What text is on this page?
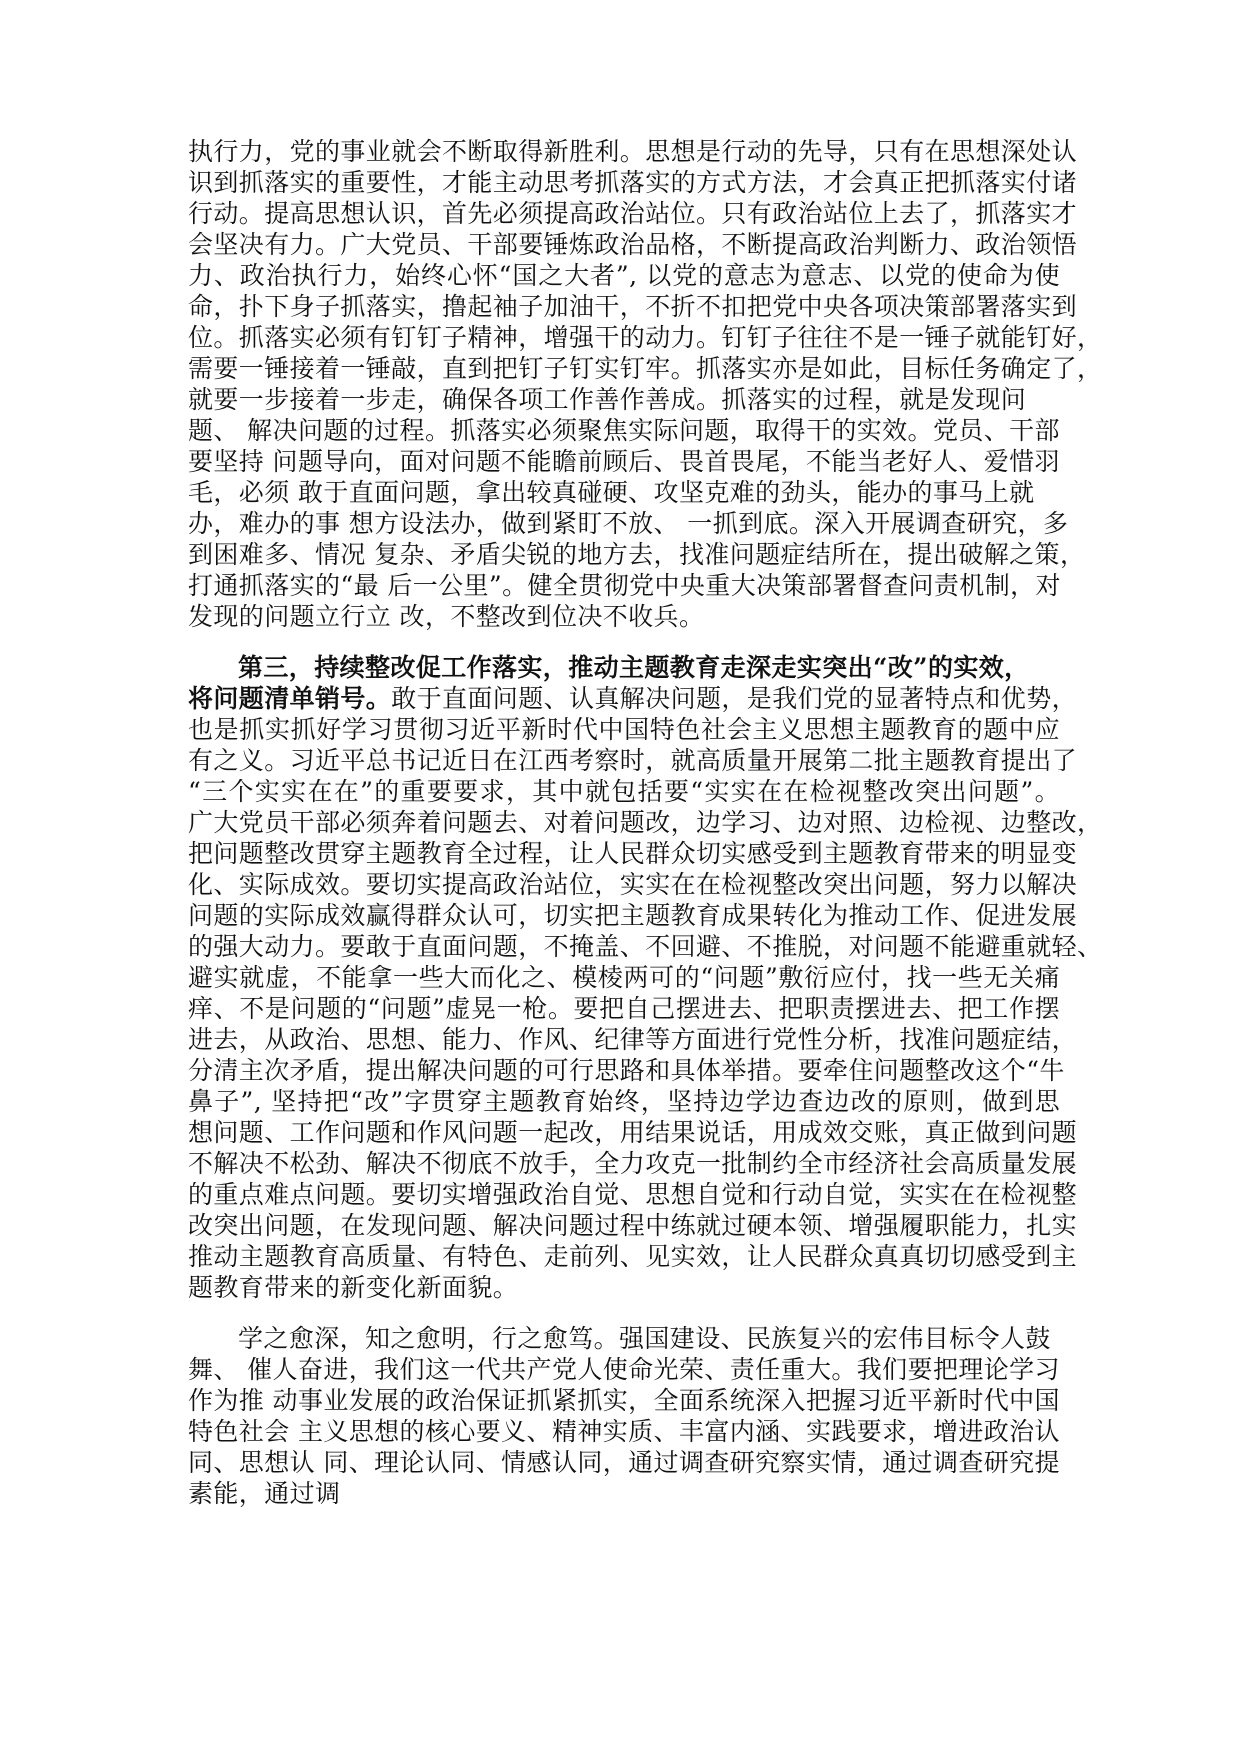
执行力，党的事业就会不断取得新胜利。思想是行动的先导，只有在思想深处认
识到抓落实的重要性，才能主动思考抓落实的方式方法，才会真正把抓落实付诸
行动。提高思想认识，首先必须提高政治站位。只有政治站位上去了，抓落实才
会坚决有力。广大党员、干部要锤炼政治品格，不断提高政治判断力、政治领悟
力、政治执行力，始终心怀“国之大者”, 以党的意志为意志、以党的使命为使
命，扑下身子抓落实，撸起袖子加油干，不折不扣把党中央各项决策部署落实到
位。抓落实必须有钉钉子精神，增强干的动力。钉钉子往往不是一锤子就能钉好，
需要一锤接着一锤敲，直到把钉子钉实钉牢。抓落实亦是如此，目标任务确定了，
就要一步接着一步走，确保各项工作善作善成。抓落实的过程，就是发现问
题、 解决问题的过程。抓落实必须聚焦实际问题，取得干的实效。党员、干部
要坚持 问题导向，面对问题不能瞻前顾后、畏首畏尾，不能当老好人、爱惜羽
毛，必须 敢于直面问题，拿出较真碰硬、攻坚克难的劲头，能办的事马上就
办，难办的事 想方设法办，做到紧盯不放、 一抓到底。深入开展调查研究，多
到困难多、情况 复杂、矛盾尖锐的地方去，找准问题症结所在，提出破解之策，
打通抓落实的“最 后一公里”。健全贯彻党中央重大决策部署督查问责机制，对
发现的问题立行立 改，不整改到位决不收兵。
第三，持续整改促工作落实，推动主题教育走深走实突出“改”的实效，
将问题清单销号。敢于直面问题、认真解决问题，是我们党的显著特点和优势，
也是抓实抓好学习贯彻习近平新时代中国特色社会主义思想主题教育的题中应
有之义。习近平总书记近日在江西考察时，就高质量开展第二批主题教育提出了
“三个实实在在”的重要要求，其中就包括要“实实在在检视整改突出问题”。
广大党员干部必须奔着问题去、对着问题改，边学习、边对照、边检视、边整改，
把问题整改贯穿主题教育全过程，让人民群众切实感受到主题教育带来的明显变
化、实际成效。要切实提高政治站位，实实在在检视整改突出问题，努力以解决
问题的实际成效赢得群众认可，切实把主题教育成果转化为推动工作、促进发展
的强大动力。要敢于直面问题，不掩盖、不回避、不推脱，对问题不能避重就轻、
避实就虚，不能拿一些大而化之、模棱两可的“问题”敷衍应付，找一些无关痛
痒、不是问题的“问题”虚晃一枪。要把自己摆进去、把职责摆进去、把工作摆
进去，从政治、思想、能力、作风、纪律等方面进行党性分析，找准问题症结，
分清主次矛盾，提出解决问题的可行思路和具体举措。要牵住问题整改这个“牛
鼻子”, 坚持把“改”字贯穿主题教育始终，坚持边学边查边改的原则，做到思
想问题、工作问题和作风问题一起改，用结果说话，用成效交账，真正做到问题
不解决不松劲、解决不彻底不放手，全力攻克一批制约全市经济社会高质量发展
的重点难点问题。要切实增强政治自觉、思想自觉和行动自觉，实实在在检视整
改突出问题，在发现问题、解决问题过程中练就过硬本领、增强履职能力，扎实
推动主题教育高质量、有特色、走前列、见实效，让人民群众真真切切感受到主
题教育带来的新变化新面貌。
学之愈深，知之愈明，行之愈笃。强国建设、民族复兴的宏伟目标令人鼓
舞、 催人奋进，我们这一代共产党人使命光荣、责任重大。我们要把理论学习
作为推 动事业发展的政治保证抓紧抓实，全面系统深入把握习近平新时代中国
特色社会 主义思想的核心要义、精神实质、丰富内涵、实践要求，增进政治认
同、思想认 同、理论认同、情感认同，通过调查研究察实情，通过调查研究提
素能，通过调
